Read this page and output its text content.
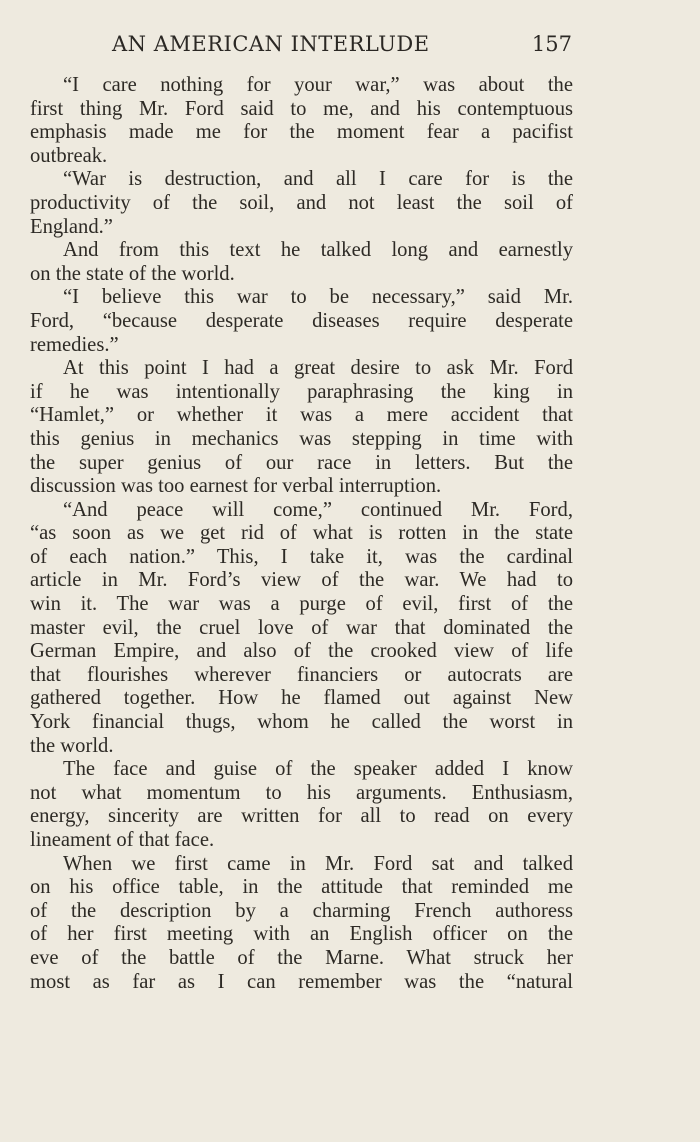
AN AMERICAN INTERLUDE	157
“I care nothing for your war,” was about the
first thing Mr. Ford said to me, and his contemptuous
emphasis made me for the moment fear a pacifist
outbreak.
“War is destruction, and all I care for is the
productivity of the soil, and not least the soil of
England.”
And from this text he talked long and earnestly
on the state of the world.
“I believe this war to be necessary,” said Mr.
Ford, “because desperate diseases require desperate
remedies.”
At this point I had a great desire to ask Mr. Ford
if he was intentionally paraphrasing the king in
“Hamlet,” or whether it was a mere accident that
this genius in mechanics was stepping in time with
the super genius of our race in letters. But the
discussion was too earnest for verbal interruption.
“And peace will come,” continued Mr. Ford,
“as soon as we get rid of what is rotten in the state
of each nation.” This, I take it, was the cardinal
article in Mr. Ford’s view of the war. We had to
win it. The war was a purge of evil, first of the
master evil, the cruel love of war that dominated the
German Empire, and also of the crooked view of life
that flourishes wherever financiers or autocrats are
gathered together. How he flamed out against New
York financial thugs, whom he called the worst in
the world.
The face and guise of the speaker added I know
not what momentum to his arguments. Enthusiasm,
energy, sincerity are written for all to read on every
lineament of that face.
When we first came in Mr. Ford sat and talked
on his office table, in the attitude that reminded me
of the description by a charming French authoress
of her first meeting with an English officer on the
eve of the battle of the Marne. What struck her
most as far as I can remember was the “natural
